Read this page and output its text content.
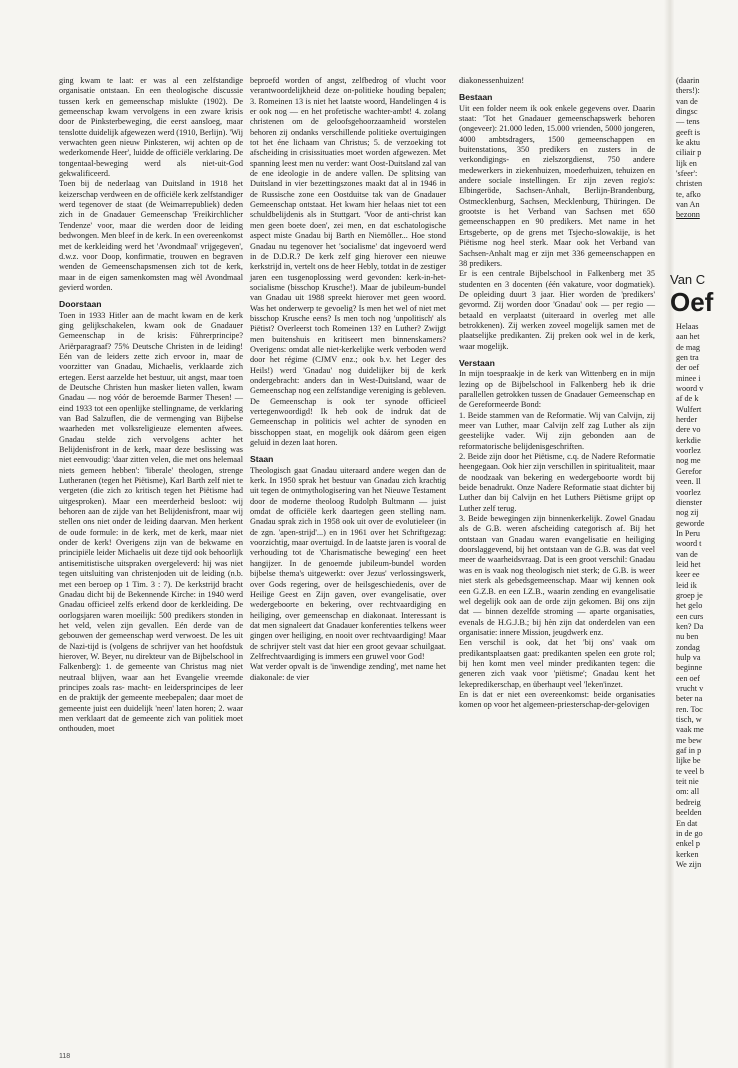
ging kwam te laat: er was al een zelfstandige organisatie ontstaan. En een theologische discussie tussen kerk en gemeenschap mislukte (1902). De gemeenschap kwam vervolgens in een zware krisis door de Pinksterbeweging, die eerst aansloeg, maar tenslotte duidelijk afgewezen werd (1910, Berlijn). 'Wij verwachten geen nieuw Pinksteren, wij achten op de wederkomende Heer', luidde de officiële verklaring. De tongentaal-beweging werd als niet-uit-God gekwalificeerd.

Toen bij de nederlaag van Duitsland in 1918 het keizerschap verdween en de officiële kerk zelfstandiger werd tegenover de staat (de Weimarrepubliek) deden zich in de Gnadauer Gemeenschap 'Freikirchlicher Tendenze' voor, maar die werden door de leiding bedwongen. Men bleef in de kerk. In een overeenkomst met de kerkleiding werd het 'Avondmaal' vrijgegeven', d.w.z. voor Doop, konfirmatie, trouwen en begraven wenden de Gemeenschapsmensen zich tot de kerk, maar in de eigen samenkomsten mag wèl Avondmaal gevierd worden.

Doorstaan

Toen in 1933 Hitler aan de macht kwam en de kerk ging gelijkschakelen, kwam ook de Gnadauer Gemeenschap in de krisis: Führerprincipe? Ariërparagraaf? 75% Deutsche Christen in de leiding! Eén van de leiders zette zich ervoor in, maar de voorzitter van Gnadau, Michaelis, verklaarde zich ertegen. Eerst aarzelde het bestuur, uit angst, maar toen de Deutsche Christen hun masker lieten vallen, kwam Gnadau — nog vóór de beroemde Barmer Thesen! — eind 1933 tot een openlijke stellingname, de verklaring van Bad Salzuflen, die de vermenging van Bijbelse waarheden met volksreligieuze elementen afwees. Gnadau stelde zich vervolgens achter het Belijdenisfront in de kerk, maar deze beslissing was niet eenvoudig: 'daar zitten velen, die met ons helemaal niets gemeen hebben': 'liberale' theologen, strenge Lutheranen (tegen het Piëtisme), Karl Barth zelf niet te vergeten (die zich zo kritisch tegen het Piëtisme had uitgesproken). Maar een meerderheid besloot: wij behoren aan de zijde van het Belijdenisfront, maar wij stellen ons niet onder de leiding daarvan. Men herkent de oude formule: in de kerk, met de kerk, maar niet onder de kerk! Overigens zijn van de bekwame en principiële leider Michaelis uit deze tijd ook behoorlijk antisemitistische uitspraken overgeleverd: hij was niet tegen uitsluiting van christenjoden uit de leiding (n.b. met een beroep op 1 Tim. 3 : 7). De kerkstrijd bracht Gnadau dicht bij de Bekennende Kirche: in 1940 werd Gnadau officieel zelfs erkend door de kerkleiding. De oorlogsjaren waren moeilijk: 500 predikers stonden in het veld, velen zijn gevallen. Eén derde van de gebouwen der gemeenschap werd verwoest. De les uit de Nazi-tijd is (volgens de schrijver van het hoofdstuk hierover, W. Beyer, nu direkteur van de Bijbelschool in Falkenberg): 1. de gemeente van Christus mag niet neutraal blijven, waar aan het Evangelie vreemde principes zoals ras- macht- en leidersprincipes de leer en de praktijk der gemeente meebepalen; daar moet de gemeente juist een duidelijk 'neen' laten horen; 2. waar men verklaart dat de gemeente zich van politiek moet onthouden, moet

beproefd worden of angst, zelfbedrog of vlucht voor verantwoordelijkheid deze on-politieke houding bepalen; 3. Romeinen 13 is niet het laatste woord, Handelingen 4 is er ook nog — en het profetische wachter-ambt! 4. zolang christenen om de geloofsgehoorzaamheid worstelen behoren zij ondanks verschillende politieke overtuigingen tot het éne lichaam van Christus; 5. de verzoeking tot afscheiding in crisissituaties moet worden afgewezen. Met spanning leest men nu verder: want Oost-Duitsland zal van de ene ideologie in de andere vallen. De splitsing van Duitsland in vier bezettingszones maakt dat al in 1946 in de Russische zone een Oostduitse tak van de Gnadauer Gemeenschap ontstaat. Het kwam hier helaas niet tot een schuldbelijdenis als in Stuttgart. 'Voor de anti-christ kan men geen boete doen', zei men, en dat eschatologische aspect miste Gnadau bij Barth en Niemöller... Hoe stond Gnadau nu tegenover het 'socialisme' dat ingevoerd werd in de D.D.R.? De kerk zelf ging hierover een nieuwe kerkstrijd in, vertelt ons de heer Hebly, totdat in de zestiger jaren een tusgenoplossing werd gevonden: kerk-in-het-socialisme (bisschop Krusche!). Maar de jubileum-bundel van Gnadau uit 1988 spreekt hierover met geen woord. Was het onderwerp te gevoelig? Is men het wel of niet met bisschop Krusche eens? Is men toch nog 'unpolitisch' als Piëtist? Overleerst toch Romeinen 13? en Luther? Zwijgt men buitenshuis en kritiseert men binnenskamers? Overigens: omdat alle niet-kerkelijke werk verboden werd door het régime (CJMV enz.; ook b.v. het Leger des Heils!) werd 'Gnadau' nog duidelijker bij de kerk ondergebracht: anders dan in West-Duitsland, waar de Gemeenschap nog een zelfstandige vereniging is gebleven. De Gemeenschap is ook ter synode officieel vertegenwoordigd! Ik heb ook de indruk dat de Gemeenschap in politicis wel achter de synoden en bisschoppen staat, en mogelijk ook dáárom geen eigen geluid in dezen laat horen.

Staan

Theologisch gaat Gnadau uiteraard andere wegen dan de kerk. In 1950 sprak het bestuur van Gnadau zich krachtig uit tegen de ontmythologisering van het Nieuwe Testament door de moderne theoloog Rudolph Bultmann — juist omdat de officiële kerk daartegen geen stelling nam. Gnadau sprak zich in 1958 ook uit over de evolutieleer (in de zgn. 'apen-strijd'...) en in 1961 over het Schriftgezag: voorzichtig, maar overtuigd. In de laatste jaren is vooral de verhouding tot de 'Charismatische beweging' een heet hangijzer. In de genoemde jubileum-bundel worden bijbelse thema's uitgewerkt: over Jezus' verlossingswerk, over Gods regering, over de heilsgeschiedenis, over de Heilige Geest en Zijn gaven, over evangelisatie, over wedergeboorte en bekering, over rechtvaardiging en heiliging, over gemeenschap en diakonaat. Interessant is dat men signaleert dat Gnadauer konferenties telkens weer gingen over heiliging, en nooit over rechtvaardiging! Maar de schrijver stelt vast dat hier een groot gevaar schuilgaat. Zelfrechtvaardiging is immers een gruwel voor God!

Wat verder opvalt is de 'inwendige zending', met name het diakonale: de vier

diakonessenhuizen!

Bestaan

Uit een folder neem ik ook enkele gegevens over. Daarin staat: 'Tot het Gnadauer gemeenschapswerk behoren (ongeveer): 21.000 leden, 15.000 vrienden, 5000 jongeren, 4000 ambtsdragers, 1500 gemeenschappen en buitenstations, 350 predikers en zusters in de verkondigings- en zielszorgdienst, 750 andere medewerkers in ziekenhuizen, moederhuizen, tehuizen en andere sociale instellingen. Er zijn zeven regio's: Elbingeröde, Sachsen-Anhalt, Berlijn-Brandenburg, Ostmecklenburg, Sachsen, Mecklenburg, Thüringen. De grootste is het Verband van Sachsen met 650 gemeenschappen en 90 predikers. Met name in het Ertsgeberte, op de grens met Tsjecho-slowakije, is het Piëtisme nog heel sterk. Maar ook het Verband van Sachsen-Anhalt mag er zijn met 336 gemeenschappen en 38 predikers.

Er is een centrale Bijbelschool in Falkenberg met 35 studenten en 3 docenten (één vakature, voor dogmatiek). De opleiding duurt 3 jaar. Hier worden de 'predikers' gevormd. Zij worden door 'Gnadau' ook — per regio — betaald en verplaatst (uiteraard in overleg met alle betrokkenen). Zij werken zoveel mogelijk samen met de plaatselijke predikanten. Zij preken ook wel in de kerk, waar mogelijk.

Verstaan

In mijn toespraakje in de kerk van Wittenberg en in mijn lezing op de Bijbelschool in Falkenberg heb ik drie parallellen getrokken tussen de Gnadauer Gemeenschap en de Gereformeerde Bond:

1. Beide stammen van de Reformatie. Wij van Calvijn, zij meer van Luther, maar Calvijn zelf zag Luther als zijn geestelijke vader. Wij zijn gebonden aan de reformatorische belijdenisgeschriften.

2. Beide zijn door het Piëtisme, c.q. de Nadere Reformatie heengegaan. Ook hier zijn verschillen in spiritualiteit, maar de noodzaak van bekering en wedergeboorte wordt bij beide benadrukt. Onze Nadere Reformatie staat dichter bij Luther dan bij Calvijn en het Luthers Piëtisme grijpt op Luther zelf terug.

3. Beide bewegingen zijn binnenkerkelijk. Zowel Gnadau als de G.B. weren afscheiding categorisch af. Bij het ontstaan van Gnadau waren evangelisatie en heiliging doorslaggevend, bij het ontstaan van de G.B. was dat veel meer de waarheidsvraag. Dat is een groot verschil: Gnadau was en is vaak nog theologisch niet sterk; de G.B. is weer niet sterk als gebedsgemeenschap. Maar wij kennen ook een G.Z.B. en een I.Z.B., waarin zending en evangelisatie wel degelijk ook aan de orde zijn gekomen. Bij ons zijn dat — binnen dezelfde stroming — aparte organisaties, evenals de H.G.J.B.; bij hèn zijn dat onderdelen van een organisatie: innere Mission, jeugdwerk enz.

Een verschil is ook, dat het 'bij ons' vaak om predikantsplaatsen gaat: predikanten spelen een grote rol; bij hen komt men veel minder predikanten tegen: die generen zich vaak voor 'piëtisme'; Gnadau kent het lekepredikerschap, en überhaupt veel 'leken'inzet.

En is dat er niet een overeenkomst: beide organisaties komen op voor het algemeen-priesterschap-der-gelovigen

(daarin
thers!):
van de
dingsc
— tens
geeft is
ke aktu
ciliair p
lijk en
'sfeer':
christen
te, afko
van An
bezonn
Van C
Oef
Helaas
aan het
de mag
gen tra
der oef
minee i
woord v
af de k
Wulfert
herder
dere vo
kerkdie
voorlez
nog me
Gerefor
veen. Il
voorlez
dienster
nog zij
geworde
In Peru
woord t
van de
leid het
keer ee
leid ik
groep je
het gelo
een curs
ken? Da
nu ben
zondag
hulp va
beginne
een oef
vrucht v
beter na
ren. Toc
tisch, w
vaak me
me bew
gaf in p
lijke be
te veel b
teit nie
om: all
bedreig
beelden
En dat
in de go
enkel p
kerken
We zijn
118
